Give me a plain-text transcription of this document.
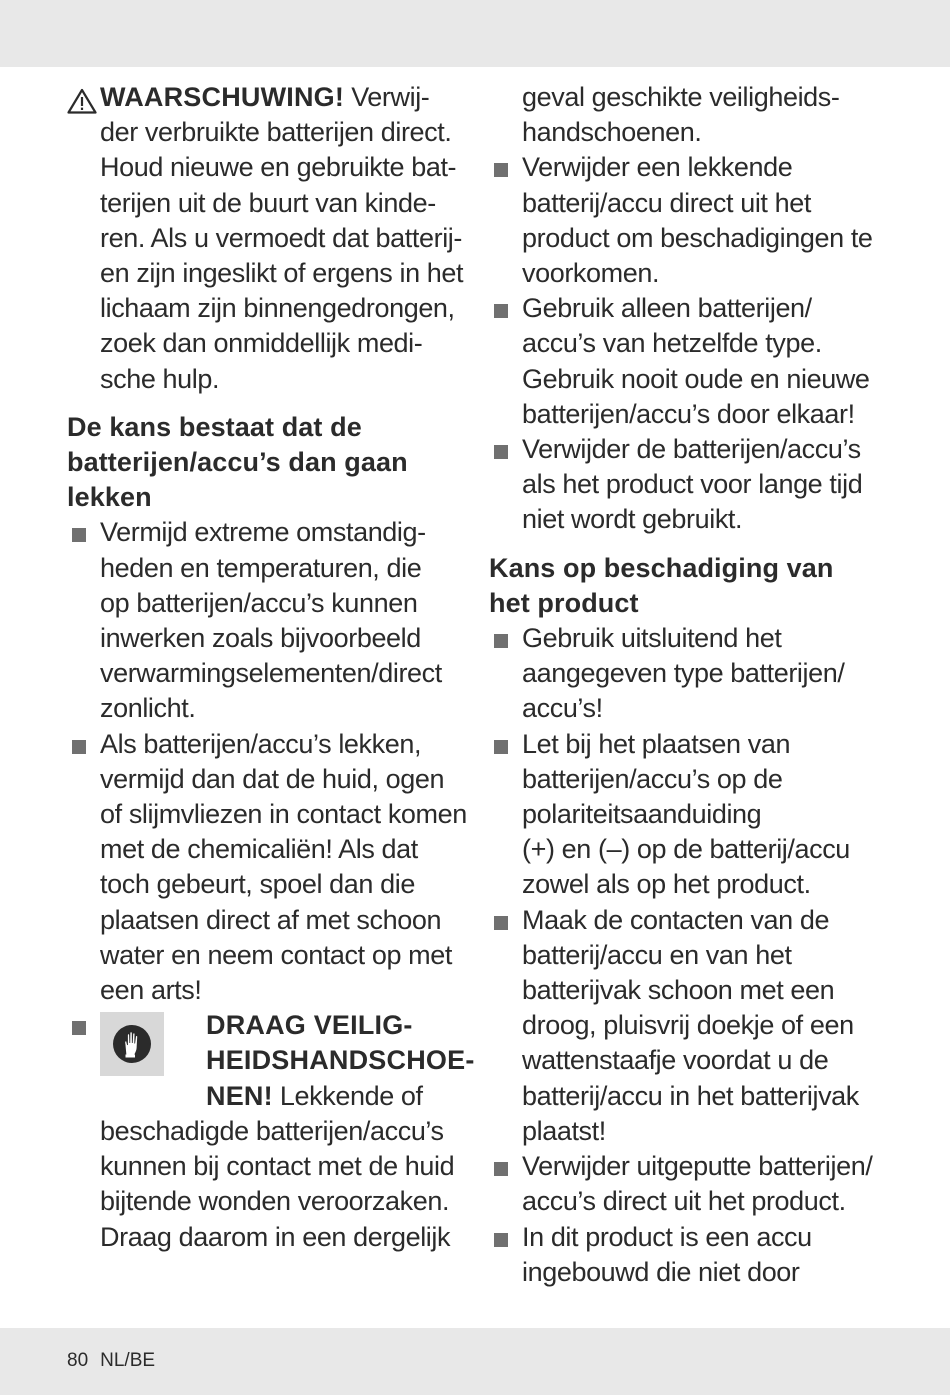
WAARSCHUWING! Verwij-
der verbruikte batterijen direct.
Houd nieuwe en gebruikte bat-
terijen uit de buurt van kinde-
ren. Als u vermoedt dat batterij-
en zijn ingeslikt of ergens in het
lichaam zijn binnengedrongen,
zoek dan onmiddellijk medi-
sche hulp.
De kans bestaat dat de
batterijen/accu’s dan gaan
lekken
Vermijd extreme omstandig-
heden en temperaturen, die
op batterijen/accu’s kunnen
inwerken zoals bijvoorbeeld
verwarmingselementen/direct
zonlicht.
Als batterijen/accu’s lekken,
vermijd dan dat de huid, ogen
of slijmvliezen in contact komen
met de chemicaliën! Als dat
toch gebeurt, spoel dan die
plaatsen direct af met schoon
water en neem contact op met
een arts!
DRAAG VEILIG-
HEIDSHANDSCHOE-
NEN! Lekkende of
beschadigde batterijen/accu’s
kunnen bij contact met de huid
bijtende wonden veroorzaken.
Draag daarom in een dergelijk
geval geschikte veiligheids-
handschoenen.
Verwijder een lekkende
batterij/accu direct uit het
product om beschadigingen te
voorkomen.
Gebruik alleen batterijen/
accu’s van hetzelfde type.
Gebruik nooit oude en nieuwe
batterijen/accu’s door elkaar!
Verwijder de batterijen/accu’s
als het product voor lange tijd
niet wordt gebruikt.
Kans op beschadiging van
het product
Gebruik uitsluitend het
aangegeven type batterijen/
accu’s!
Let bij het plaatsen van
batterijen/accu’s op de
polariteitsaanduiding
(+) en (–) op de batterij/accu
zowel als op het product.
Maak de contacten van de
batterij/accu en van het
batterijvak schoon met een
droog, pluisvrij doekje of een
wattenstaafje voordat u de
batterij/accu in het batterijvak
plaatst!
Verwijder uitgeputte batterijen/
accu’s direct uit het product.
In dit product is een accu
ingebouwd die niet door
80 NL/BE
